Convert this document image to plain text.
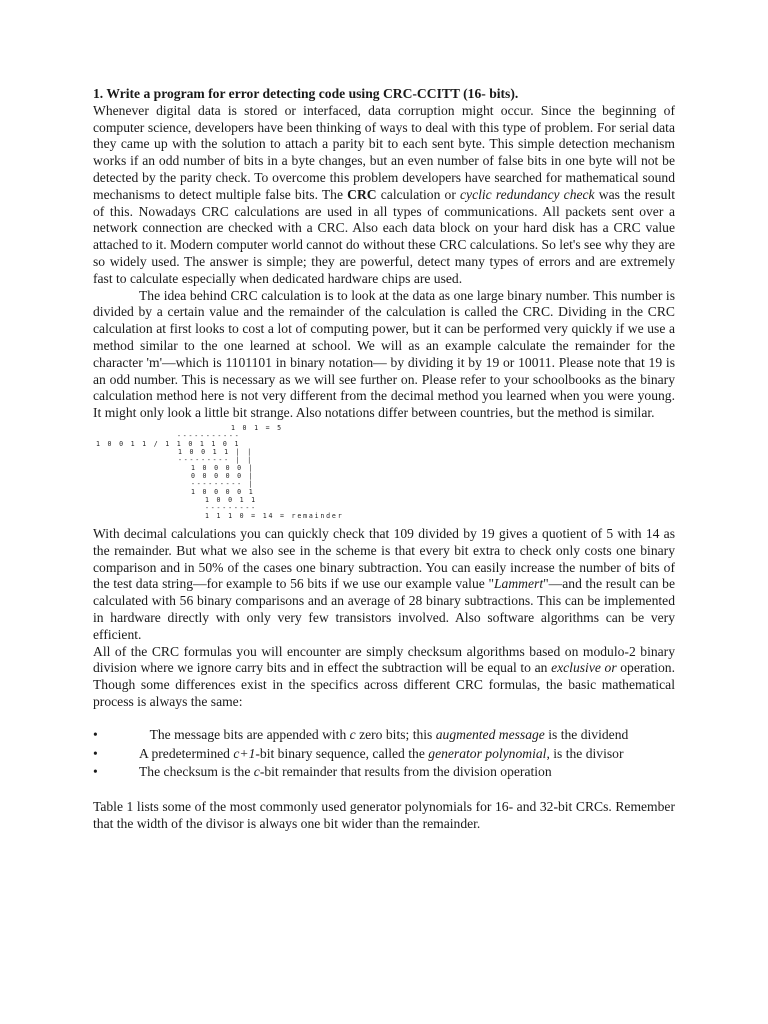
1. Write a program for error detecting code using CRC-CCITT (16- bits).

Whenever digital data is stored or interfaced, data corruption might occur. Since the beginning of computer science, developers have been thinking of ways to deal with this type of problem. For serial data they came up with the solution to attach a parity bit to each sent byte. This simple detection mechanism works if an odd number of bits in a byte changes, but an even number of false bits in one byte will not be detected by the parity check. To overcome this problem developers have searched for mathematical sound mechanisms to detect multiple false bits. The CRC calculation or cyclic redundancy check was the result of this. Nowadays CRC calculations are used in all types of communications. All packets sent over a network connection are checked with a CRC. Also each data block on your hard disk has a CRC value attached to it. Modern computer world cannot do without these CRC calculations. So let's see why they are so widely used. The answer is simple; they are powerful, detect many types of errors and are extremely fast to calculate especially when dedicated hardware chips are used.

The idea behind CRC calculation is to look at the data as one large binary number. This number is divided by a certain value and the remainder of the calculation is called the CRC. Dividing in the CRC calculation at first looks to cost a lot of computing power, but it can be performed very quickly if we use a method similar to the one learned at school. We will as an example calculate the remainder for the character 'm'—which is 1101101 in binary notation— by dividing it by 19 or 10011. Please note that 19 is an odd number. This is necessary as we will see further on. Please refer to your schoolbooks as the binary calculation method here is not very different from the decimal method you learned when you were young. It might only look a little bit strange. Also notations differ between countries, but the method is similar.

1 0 1 = 5
-----------
1 0 0 1 1 / 1 1 0 1 1 0 1
1 0 0 1 1 | |
--------- | |
1 0 0 0 0 |
0 0 0 0 0 |
--------- |
1 0 0 0 0 1
1 0 0 1 1
---------
1 1 1 0 = 14 = remainder

With decimal calculations you can quickly check that 109 divided by 19 gives a quotient of 5 with 14 as the remainder. But what we also see in the scheme is that every bit extra to check only costs one binary comparison and in 50% of the cases one binary subtraction. You can easily increase the number of bits of the test data string—for example to 56 bits if we use our example value "Lammert"—and the result can be calculated with 56 binary comparisons and an average of 28 binary subtractions. This can be implemented in hardware directly with only very few transistors involved. Also software algorithms can be very efficient.

All of the CRC formulas you will encounter are simply checksum algorithms based on modulo-2 binary division where we ignore carry bits and in effect the subtraction will be equal to an exclusive or operation. Though some differences exist in the specifics across different CRC formulas, the basic mathematical process is always the same:

•	The message bits are appended with c zero bits; this augmented message is the dividend
•	A predetermined c+1-bit binary sequence, called the generator polynomial, is the divisor
•	The checksum is the c-bit remainder that results from the division operation

Table 1 lists some of the most commonly used generator polynomials for 16- and 32-bit CRCs. Remember that the width of the divisor is always one bit wider than the remainder.
